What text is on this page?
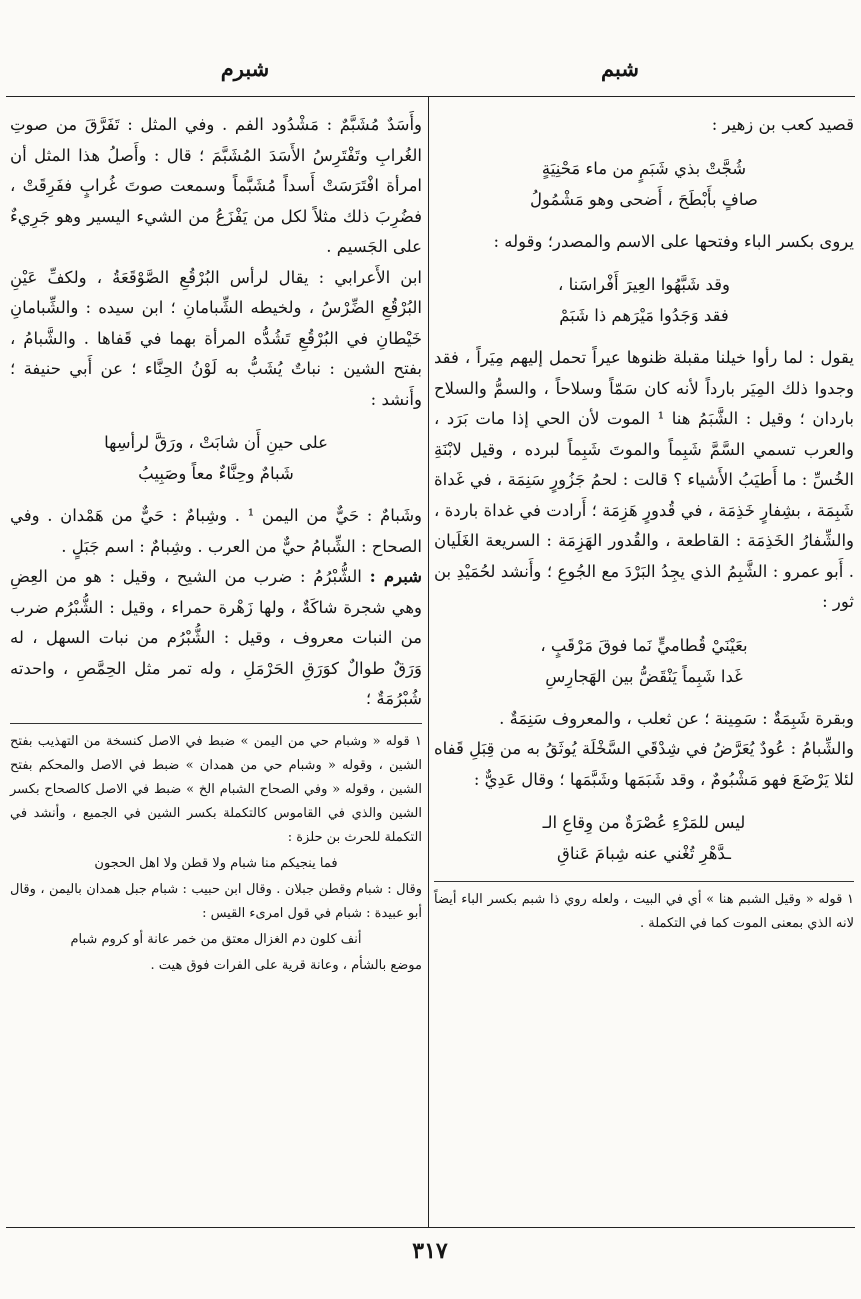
شبم
شبرم

قصيد كعب بن زهير :

شُجَّتْ بذي شَبَمٍ من ماء مَحْنِيَةٍ
صافٍ بأَبْطَحَ ، أَضحى وهو مَشْمُولُ

يروى بكسر الباء وفتحها على الاسم والمصدر؛ وقوله :

وقد شَبَّهُوا العِيرَ أَفْراسَنا ،
فقد وَجَدُوا مَيْرَهم ذا شَبَمْ

يقول : لما رأوا خيلنا مقبلة ظنوها عيراً تحمل إليهم مِيَراً ، فقد وجدوا ذلك المِيَر بارداً لأنه كان سَمّاً وسلاحاً ، والسمُّ والسلاح باردان ؛ وقيل : الشَّبَمُ هنا ¹ الموت لأن الحي إذا مات بَرَد ، والعرب تسمي السَّمَّ شَبِماً والموتَ شَبِماً لبرده ، وقيل لابْنَةِ الخُسِّ : ما أَطيَبُ الأَشياء ؟ قالت : لحمُ جَزُورٍ سَنِمَة ، في غَداة شَبِمَة ، بشِفارٍ خَذِمَة ، في قُدورٍ هَزِمَة ؛ أَرادت في غداة باردة ، والشِّفارُ الخَذِمَة : القاطعة ، والقُدور الهَزِمَة : السريعة الغَلَيان . أَبو عمرو : الشَّبِمُ الذي يجِدُ البَرْدَ مع الجُوعِ ؛ وأَنشد لحُمَيْدِ بن ثور :

بعَيْنَيْ قُطاميٍّ نَما فوقَ مَرْقَبٍ ،
غَدا شَبِماً يَنْقَضُّ بين الهَجارِسِ

وبقرة شَبِمَةٌ : سَمِينة ؛ عن ثعلب ، والمعروف سَنِمَةٌ .

والشِّبامُ : عُودٌ يُعَرَّضُ في شِدْقَي السَّخْلَة يُوثَقُ به من قِبَلِ قَفاه لئلا يَرْضَعَ فهو مَشْبُومٌ ، وقد شَبَمَها وشَبَّمَها ؛ وقال عَدِيٌّ :

ليس للمَرْءِ عُصْرَةٌ من وِقاعِ الـ
ـدَّهْرِ تُغْني عنه شِبامَ عَناقِ
١ قوله « وقيل الشبم هنا » أي في البيت ، ولعله روي ذا شبم بكسر الباء أيضاً لانه الذي بمعنى الموت كما في التكملة .

وأَسَدٌ مُشَبَّمٌ : مَشْدُود الفم . وفي المثل : تَفَرَّقَ من صوتِ الغُرابِ وتَفْتَرِسُ الأَسَدَ المُشَبَّمَ ؛ قال : وأَصلُ هذا المثل أن امرأة افْتَرَسَتْ أَسداً مُشَبَّماً وسمعت صوتَ غُرابٍ ففَرِقَتْ ، فضُرِبَ ذلك مثلاً لكل من يَفْزَعُ من الشيء اليسير وهو جَرِيءٌ على الجَسيم .

ابن الأَعرابي : يقال لرأس البُرْقُعِ الصَّوْقَعَةُ ، ولكفِّ عَيْنِ البُرْقُعِ الضِّرْسُ ، ولخيطه الشِّبامانِ ؛ ابن سيده : والشِّبامانِ خَيْطانِ في البُرْقُعِ تَشُدُّه المرأة بهما في قَفاها . والشَّبامُ ، بفتح الشين : نباتٌ يُشَبُّ به لَوْنُ الحِنَّاء ؛ عن أَبي حنيفة ؛ وأَنشد :

على حينِ أَن شابَتْ ، ورَقَّ لرأسِها
شَبامٌ وحِنَّاءٌ معاً وصَبِيبُ

وشَبامٌ : حَيٌّ من اليمن ¹ . وشِبامٌ : حَيٌّ من هَمْدان . وفي الصحاح : الشِّبامُ حيٌّ من العرب . وشِبامٌ : اسم جَبَلٍ .

شبرم : الشُّبْرُمُ : ضرب من الشيح ، وقيل : هو من العِضِ وهي شجرة شاكَةٌ ، ولها زَهْرة حمراء ، وقيل : الشُّبْرُم ضرب من النبات معروف ، وقيل : الشُّبْرُم من نبات السهل ، له وَرَقٌ طوالٌ كوَرَقِ الحَرْمَلِ ، وله تمر مثل الحِمَّصِ ، واحدته شُبْرُمَةٌ ؛

١ قوله « وشبام حي من اليمن » ضبط في الاصل كنسخة من التهذيب بفتح الشين ، وقوله « وشبام حي من همدان » ضبط في الاصل والمحكم بفتح الشين ، وقوله « وفي الصحاح الشبام الخ » ضبط في الاصل كالصحاح بكسر الشين والذي في القاموس كالتكملة بكسر الشين في الجميع ، وأنشد في التكملة للحرث بن حلزة :
فما ينجيكم منا شبام ولا قطن ولا اهل الحجون
وقال : شبام وقطن جبلان . وقال ابن حبيب : شبام جبل همدان باليمن ، وقال أبو عبيدة : شبام في قول امرىء القيس :
أنف كلون دم الغزال معتق من خمر عانة أو كروم شبام
موضع بالشأم ، وعانة قرية على الفرات فوق هيت .
٣١٧
